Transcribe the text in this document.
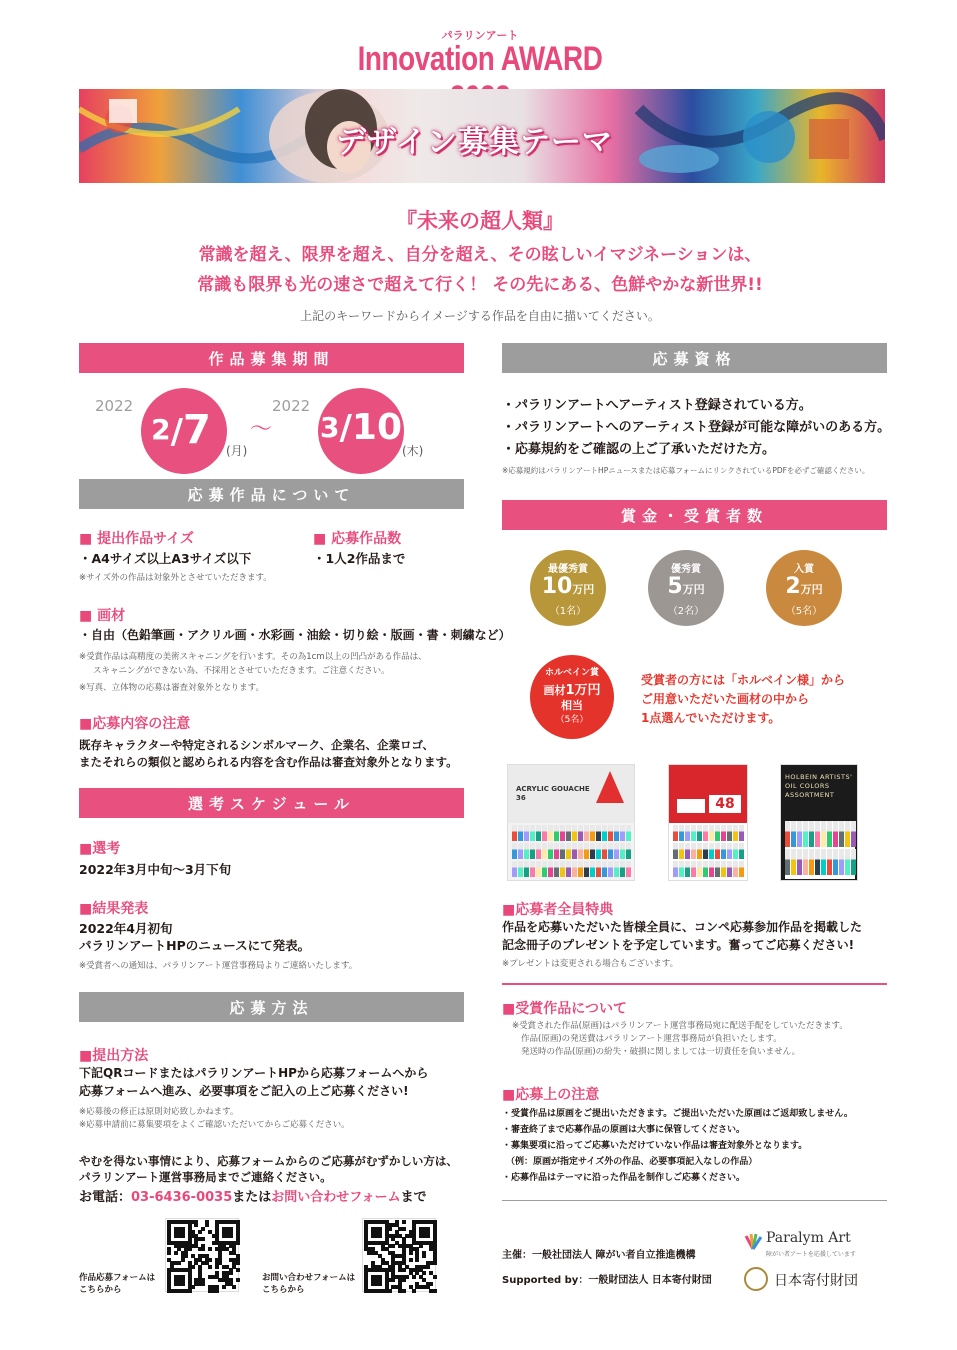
パラリンアート
Innovation AWARD
デザイン募集テーマ
『未来の超人類』
常識を超え、限界を超え、自分を超え、その眩しいイマジネーションは、
常識も限界も光の速さで超えて行く！ その先にある、色鮮やかな新世界!!
上記のキーワードからイメージする作品を自由に描いてください。
作品募集期間
2022
$^2$/7 (月)
〜
2022
3/10
(木)
応募作品について
■ 提出作品サイズ
・A4サイズ以上A3サイズ以下
※サイズ外の作品は対象外とさせていただきます。
■ 応募作品数
・1人2作品まで
■ 画材
・自由（色鉛筆画・アクリル画・水彩画・油絵・切り絵・版画・書・刺繍など）
※受賞作品は高精度の美術スキャニングを行います。その為1cm以上の凹凸がある作品は、
スキャニングができない為、不採用とさせていただきます。ご注意ください。
※写真、立体物の応募は審査対象外となります。
■応募内容の注意
既存キャラクターや特定されるシンボルマーク、企業名、企業ロゴ、
またそれらの類似と認められる内容を含む作品は審査対象外となります。
選考スケジュール
■選考
2022年3月中旬〜3月下旬
■結果発表
2022年4月初旬
パラリンアートHPのニュースにて発表。
※受賞者への通知は、パラリンアート運営事務局よりご連絡いたします。
応募方法
■提出方法
下記QRコードまたはパラリンアートHPから応募フォームへから
応募フォームへ進み、必要事項をご記入の上ご応募ください!
※応募後の修正は原則対応致しかねます。
※応募申請前に募集要項をよくご確認いただいてからご応募ください。
やむを得ない事情により、応募フォームからのご応募がむずかしい方は、
パラリンアート運営事務局までご連絡ください。
お電話：03-6436-0035またはお問い合わせフォームまで
作品応募フォームは
こちらから
お問い合わせフォームは
こちらから
応募資格
・パラリンアートへアーティスト登録されている方。
・パラリンアートへのアーティスト登録が可能な障がいのある方。
・応募規約をご確認の上ご了承いただけた方。
※応募規約はパラリンアートHPニュースまたは応募フォームにリンクされているPDFを必ずご確認ください。
賞金・受賞者数
最優秀賞
10万円
（1名）
優秀賞
5万円
（2名）
入賞
2万円
（5名）
ホルベイン賞
画材1万円
相当
（5名）
受賞者の方には「ホルベイン様」から
ご用意いただいた画材の中から
1点選んでいただけます。
ACRYLIC GOUACHE 36	48
HOLBEIN ARTISTS' OIL COLORS ASSORTMENT
■応募者全員特典
作品を応募いただいた皆様全員に、コンペ応募参加作品を掲載した
記念冊子のプレゼントを予定しています。奮ってご応募ください!
※プレゼントは変更される場合もございます。
■受賞作品について
※受賞された作品(原画)はパラリンアート運営事務局宛に配送手配をしていただきます。
作品(原画)の発送費はパラリンアート運営事務局が負担いたします。
発送時の作品(原画)の紛失・破損に関しましては一切責任を負いません。
■応募上の注意
・受賞作品は原画をご提出いただきます。ご提出いただいた原画はご返却致しません。
・審査終了まで応募作品の原画は大事に保管してください。
・募集要項に沿ってご応募いただけていない作品は審査対象外となります。
（例：原画が指定サイズ外の作品、必要事項記入なしの作品）
・応募作品はテーマに沿った作品を制作しご応募ください。
主催：一般社団法人 障がい者自立推進機構
Supported by：一般財団法人 日本寄付財団
Paralym Art
障がい者アートを応援しています
日本寄付財団
